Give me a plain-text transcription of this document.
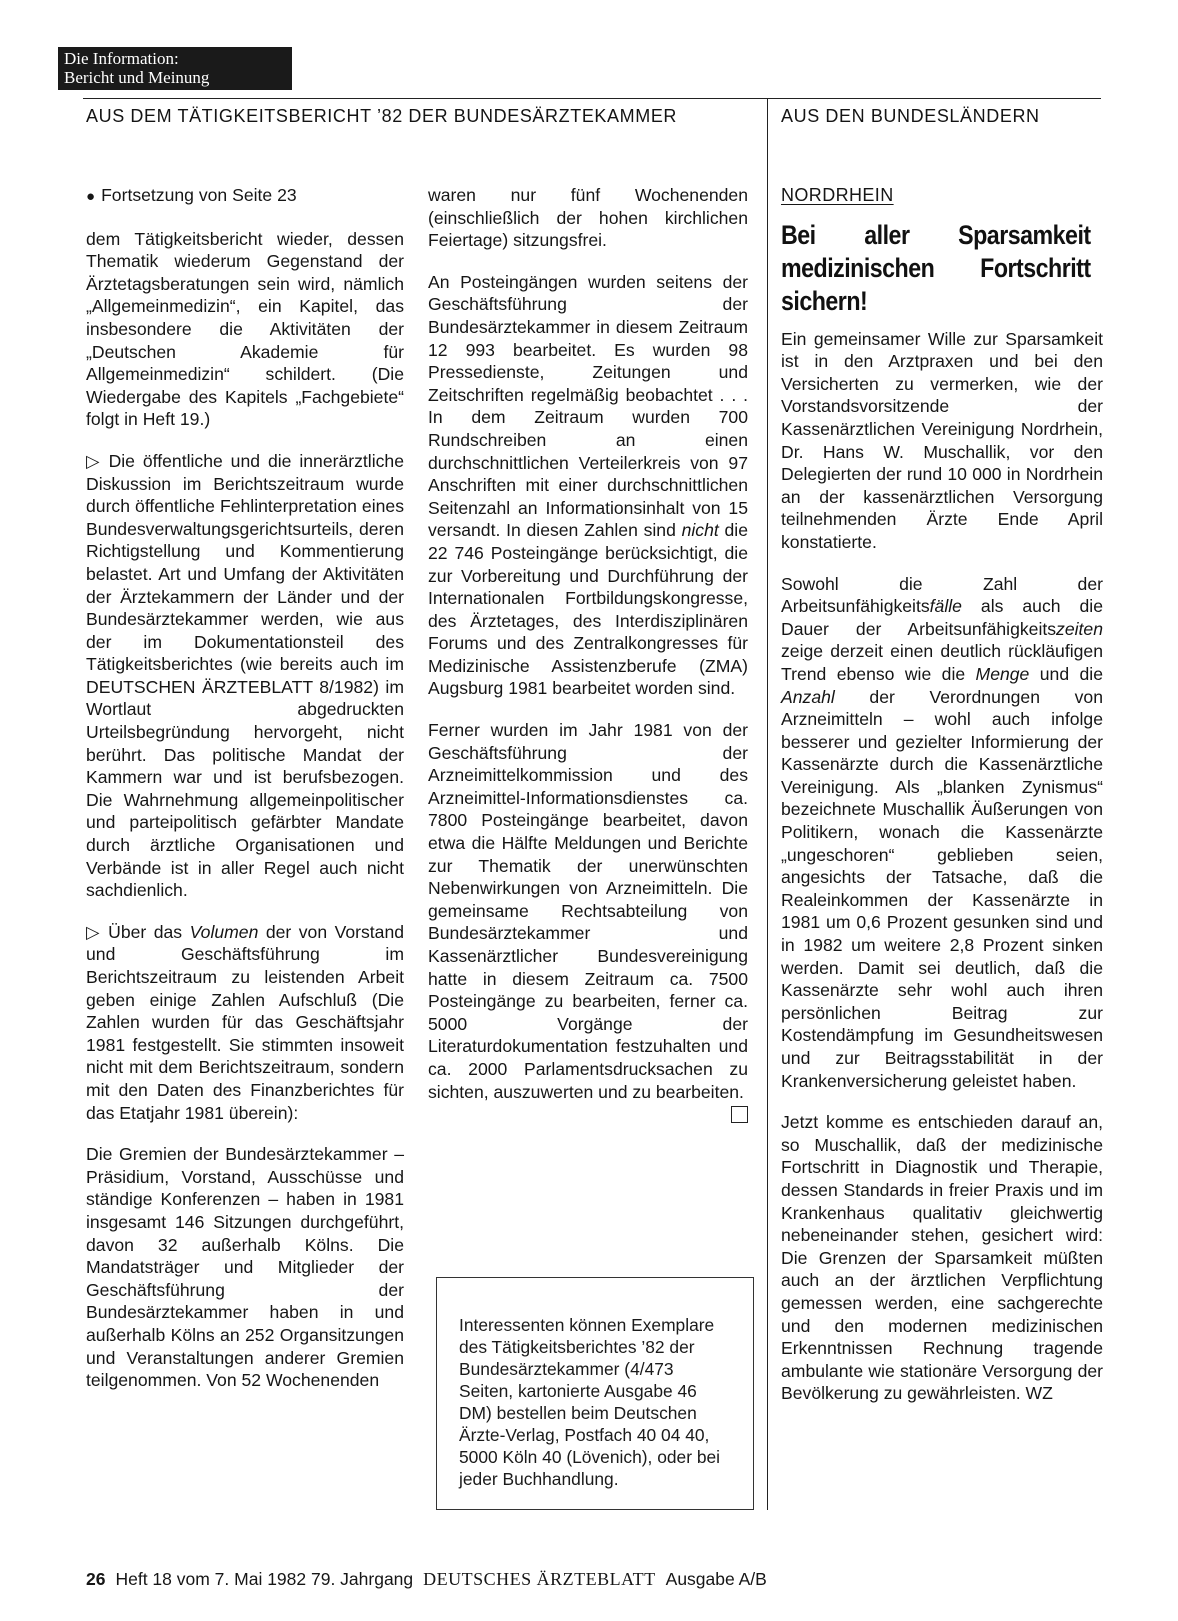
Die Information:
Bericht und Meinung
AUS DEM TÄTIGKEITSBERICHT ’82 DER BUNDESÄRZTEKAMMER	AUS DEN BUNDESLÄNDERN

● Fortsetzung von Seite 23

dem Tätigkeitsbericht wieder, dessen Thematik wiederum Gegenstand der Ärztetagsberatungen sein wird, nämlich „Allgemeinmedizin“, ein Kapitel, das insbesondere die Aktivitäten der „Deutschen Akademie für Allgemeinmedizin“ schildert. (Die Wiedergabe des Kapitels „Fachgebiete“ folgt in Heft 19.)

▷ Die öffentliche und die innerärztliche Diskussion im Berichtszeitraum wurde durch öffentliche Fehlinterpretation eines Bundesverwaltungsgerichtsurteils, deren Richtigstellung und Kommentierung belastet. Art und Umfang der Aktivitäten der Ärztekammern der Länder und der Bundesärztekammer werden, wie aus der im Dokumentationsteil des Tätigkeitsberichtes (wie bereits auch im DEUTSCHEN ÄRZTEBLATT 8/1982) im Wortlaut abgedruckten Urteilsbegründung hervorgeht, nicht berührt. Das politische Mandat der Kammern war und ist berufsbezogen. Die Wahrnehmung allgemeinpolitischer und parteipolitisch gefärbter Mandate durch ärztliche Organisationen und Verbände ist in aller Regel auch nicht sachdienlich.

▷ Über das Volumen der von Vorstand und Geschäftsführung im Berichtszeitraum zu leistenden Arbeit geben einige Zahlen Aufschluß (Die Zahlen wurden für das Geschäftsjahr 1981 festgestellt. Sie stimmten insoweit nicht mit dem Berichtszeitraum, sondern mit den Daten des Finanzberichtes für das Etatjahr 1981 überein):

Die Gremien der Bundesärztekammer – Präsidium, Vorstand, Ausschüsse und ständige Konferenzen – haben in 1981 insgesamt 146 Sitzungen durchgeführt, davon 32 außerhalb Kölns. Die Mandatsträger und Mitglieder der Geschäftsführung der Bundesärztekammer haben in und außerhalb Kölns an 252 Organsitzungen und Veranstaltungen anderer Gremien teilgenommen. Von 52 Wochenenden

waren nur fünf Wochenenden (einschließlich der hohen kirchlichen Feiertage) sitzungsfrei.

An Posteingängen wurden seitens der Geschäftsführung der Bundesärztekammer in diesem Zeitraum 12 993 bearbeitet. Es wurden 98 Pressedienste, Zeitungen und Zeitschriften regelmäßig beobachtet . . . In dem Zeitraum wurden 700 Rundschreiben an einen durchschnittlichen Verteilerkreis von 97 Anschriften mit einer durchschnittlichen Seitenzahl an Informationsinhalt von 15 versandt. In diesen Zahlen sind nicht die 22 746 Posteingänge berücksichtigt, die zur Vorbereitung und Durchführung der Internationalen Fortbildungskongresse, des Ärztetages, des Interdisziplinären Forums und des Zentralkongresses für Medizinische Assistenzberufe (ZMA) Augsburg 1981 bearbeitet worden sind.

Ferner wurden im Jahr 1981 von der Geschäftsführung der Arzneimittelkommission und des Arzneimittel-Informationsdienstes ca. 7800 Posteingänge bearbeitet, davon etwa die Hälfte Meldungen und Berichte zur Thematik der unerwünschten Nebenwirkungen von Arzneimitteln. Die gemeinsame Rechtsabteilung von Bundesärztekammer und Kassenärztlicher Bundesvereinigung hatte in diesem Zeitraum ca. 7500 Posteingänge zu bearbeiten, ferner ca. 5000 Vorgänge der Literaturdokumentation festzuhalten und ca. 2000 Parlamentsdrucksachen zu sichten, auszuwerten und zu bearbeiten.

Interessenten können Exemplare des Tätigkeitsberichtes ’82 der Bundesärztekammer (4/473 Seiten, kartonierte Ausgabe 46 DM) bestellen beim Deutschen Ärzte-Verlag, Postfach 40 04 40, 5000 Köln 40 (Lövenich), oder bei jeder Buchhandlung.
NORDRHEIN
Bei aller Sparsamkeit medizinischen Fortschritt sichern!

Ein gemeinsamer Wille zur Sparsamkeit ist in den Arztpraxen und bei den Versicherten zu vermerken, wie der Vorstandsvorsitzende der Kassenärztlichen Vereinigung Nordrhein, Dr. Hans W. Muschallik, vor den Delegierten der rund 10 000 in Nordrhein an der kassenärztlichen Versorgung teilnehmenden Ärzte Ende April konstatierte.

Sowohl die Zahl der Arbeitsunfähigkeitsfälle als auch die Dauer der Arbeitsunfähigkeitszeiten zeige derzeit einen deutlich rückläufigen Trend ebenso wie die Menge und die Anzahl der Verordnungen von Arzneimitteln – wohl auch infolge besserer und gezielter Informierung der Kassenärzte durch die Kassenärztliche Vereinigung. Als „blanken Zynismus“ bezeichnete Muschallik Äußerungen von Politikern, wonach die Kassenärzte „ungeschoren“ geblieben seien, angesichts der Tatsache, daß die Realeinkommen der Kassenärzte in 1981 um 0,6 Prozent gesunken sind und in 1982 um weitere 2,8 Prozent sinken werden. Damit sei deutlich, daß die Kassenärzte sehr wohl auch ihren persönlichen Beitrag zur Kostendämpfung im Gesundheitswesen und zur Beitragsstabilität in der Krankenversicherung geleistet haben.

Jetzt komme es entschieden darauf an, so Muschallik, daß der medizinische Fortschritt in Diagnostik und Therapie, dessen Standards in freier Praxis und im Krankenhaus qualitativ gleichwertig nebeneinander stehen, gesichert wird: Die Grenzen der Sparsamkeit müßten auch an der ärztlichen Verpflichtung gemessen werden, eine sachgerechte und den modernen medizinischen Erkenntnissen Rechnung tragende ambulante wie stationäre Versorgung der Bevölkerung zu gewährleisten. WZ

26 Heft 18 vom 7. Mai 1982 79. Jahrgang DEUTSCHES ÄRZTEBLATT Ausgabe A/B
